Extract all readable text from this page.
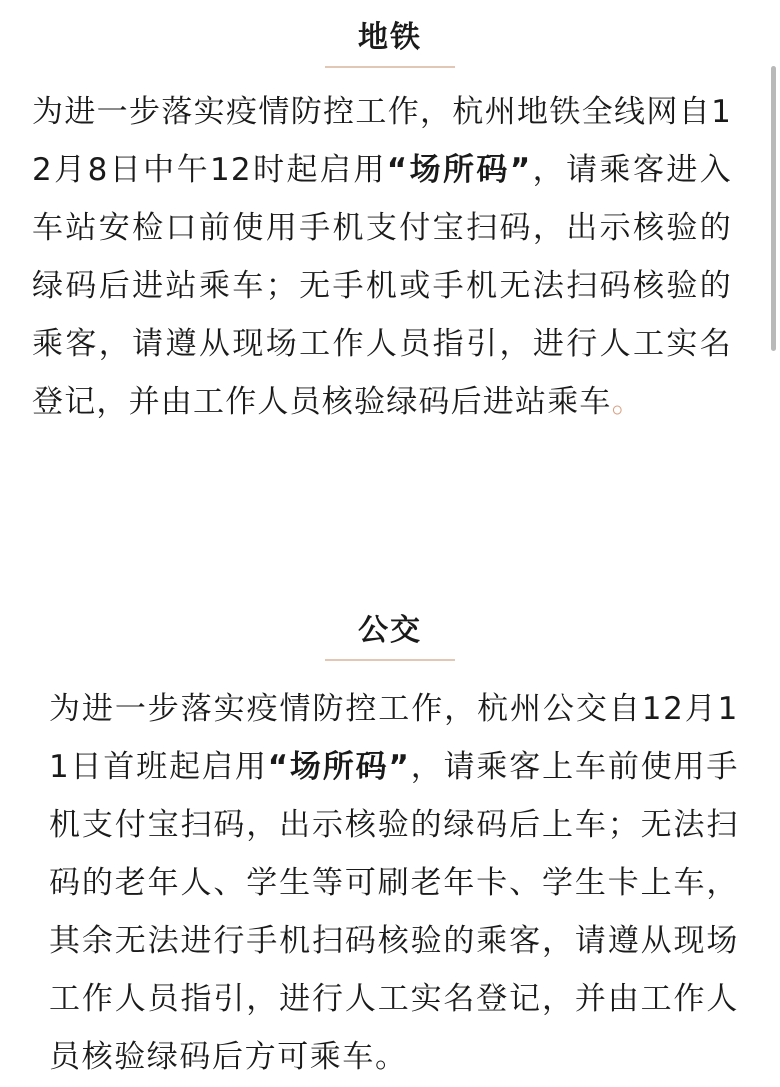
地铁

为进一步落实疫情防控工作，杭州地铁全线网自12月8日中午12时起启用“场所码”，请乘客进入车站安检口前使用手机支付宝扫码，出示核验的绿码后进站乘车；无手机或手机无法扫码核验的乘客，请遵从现场工作人员指引，进行人工实名登记，并由工作人员核验绿码后进站乘车。

公交

为进一步落实疫情防控工作，杭州公交自12月11日首班起启用“场所码”，请乘客上车前使用手机支付宝扫码，出示核验的绿码后上车；无法扫码的老年人、学生等可刷老年卡、学生卡上车，其余无法进行手机扫码核验的乘客，请遵从现场工作人员指引，进行人工实名登记，并由工作人员核验绿码后方可乘车。
